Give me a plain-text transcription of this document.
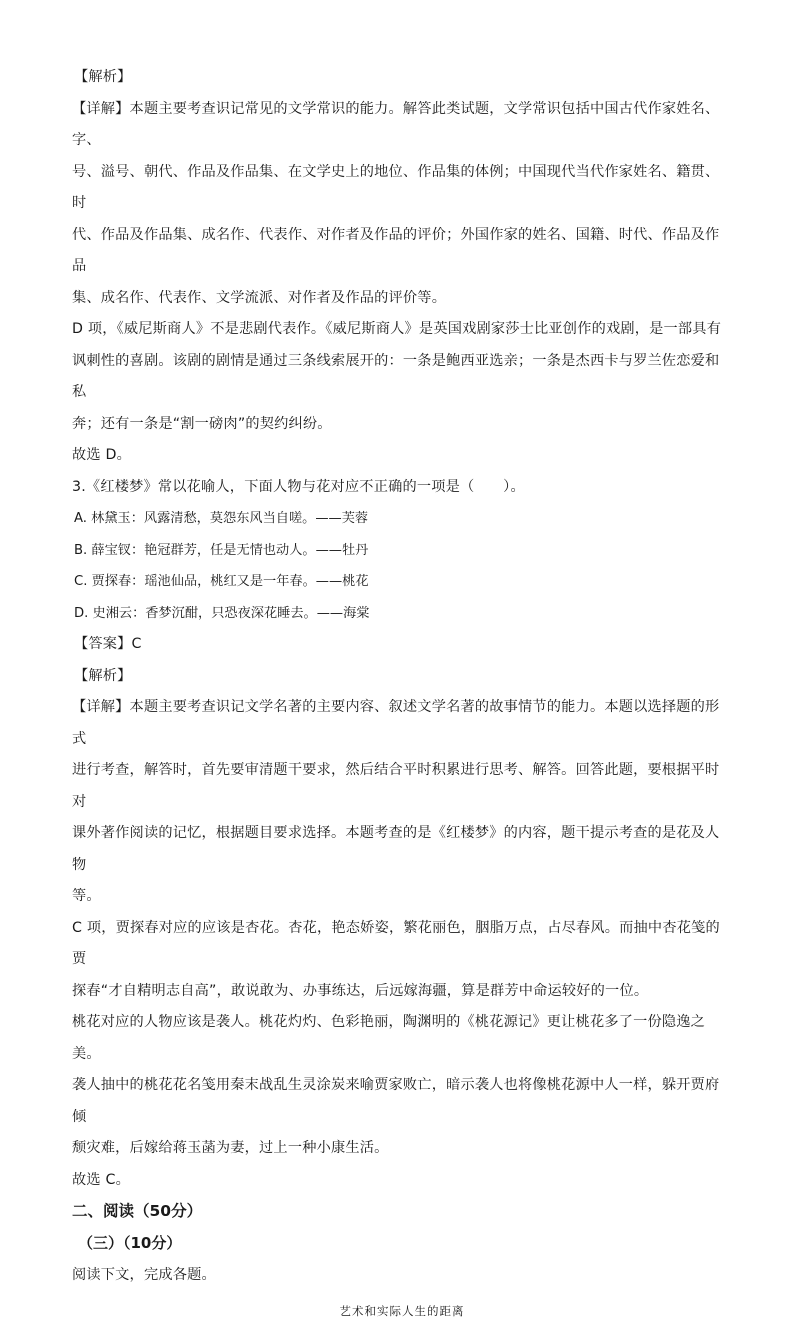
【解析】

【详解】本题主要考查识记常见的文学常识的能力。解答此类试题，文学常识包括中国古代作家姓名、字、

号、溢号、朝代、作品及作品集、在文学史上的地位、作品集的体例；中国现代当代作家姓名、籍贯、时

代、作品及作品集、成名作、代表作、对作者及作品的评价；外国作家的姓名、国籍、时代、作品及作品

集、成名作、代表作、文学流派、对作者及作品的评价等。

D 项，《威尼斯商人》不是悲剧代表作。《威尼斯商人》是英国戏剧家莎士比亚创作的戏剧，是一部具有

讽刺性的喜剧。该剧的剧情是通过三条线索展开的：一条是鲍西亚选亲；一条是杰西卡与罗兰佐恋爱和私

奔；还有一条是“割一磅肉”的契约纠纷。

故选 D。

3.《红楼梦》常以花喻人，下面人物与花对应不正确的一项是（　　）。

A. 林黛玉：风露清愁，莫怨东风当自嗟。——芙蓉

B. 薛宝钗：艳冠群芳，任是无情也动人。——牡丹

C. 贾探春：瑶池仙品，桃红又是一年春。——桃花

D. 史湘云：香梦沉酣，只恐夜深花睡去。——海棠

【答案】C

【解析】

【详解】本题主要考查识记文学名著的主要内容、叙述文学名著的故事情节的能力。本题以选择题的形式

进行考查，解答时，首先要审清题干要求，然后结合平时积累进行思考、解答。回答此题，要根据平时对

课外著作阅读的记忆，根据题目要求选择。本题考查的是《红楼梦》的内容，题干提示考查的是花及人物

等。

C 项，贾探春对应的应该是杏花。杏花，艳态娇姿，繁花丽色，胭脂万点，占尽春风。而抽中杏花笺的贾

探春“才自精明志自高”，敢说敢为、办事练达，后远嫁海疆，算是群芳中命运较好的一位。

桃花对应的人物应该是袭人。桃花灼灼、色彩艳丽，陶渊明的《桃花源记》更让桃花多了一份隐逸之美。

袭人抽中的桃花花名笺用秦末战乱生灵涂炭来喻贾家败亡，暗示袭人也将像桃花源中人一样，躲开贾府倾

颓灾难，后嫁给蒋玉菡为妻，过上一种小康生活。

故选 C。

二、阅读（50分）

（三）（10分）

阅读下文，完成各题。

艺术和实际人生的距离
